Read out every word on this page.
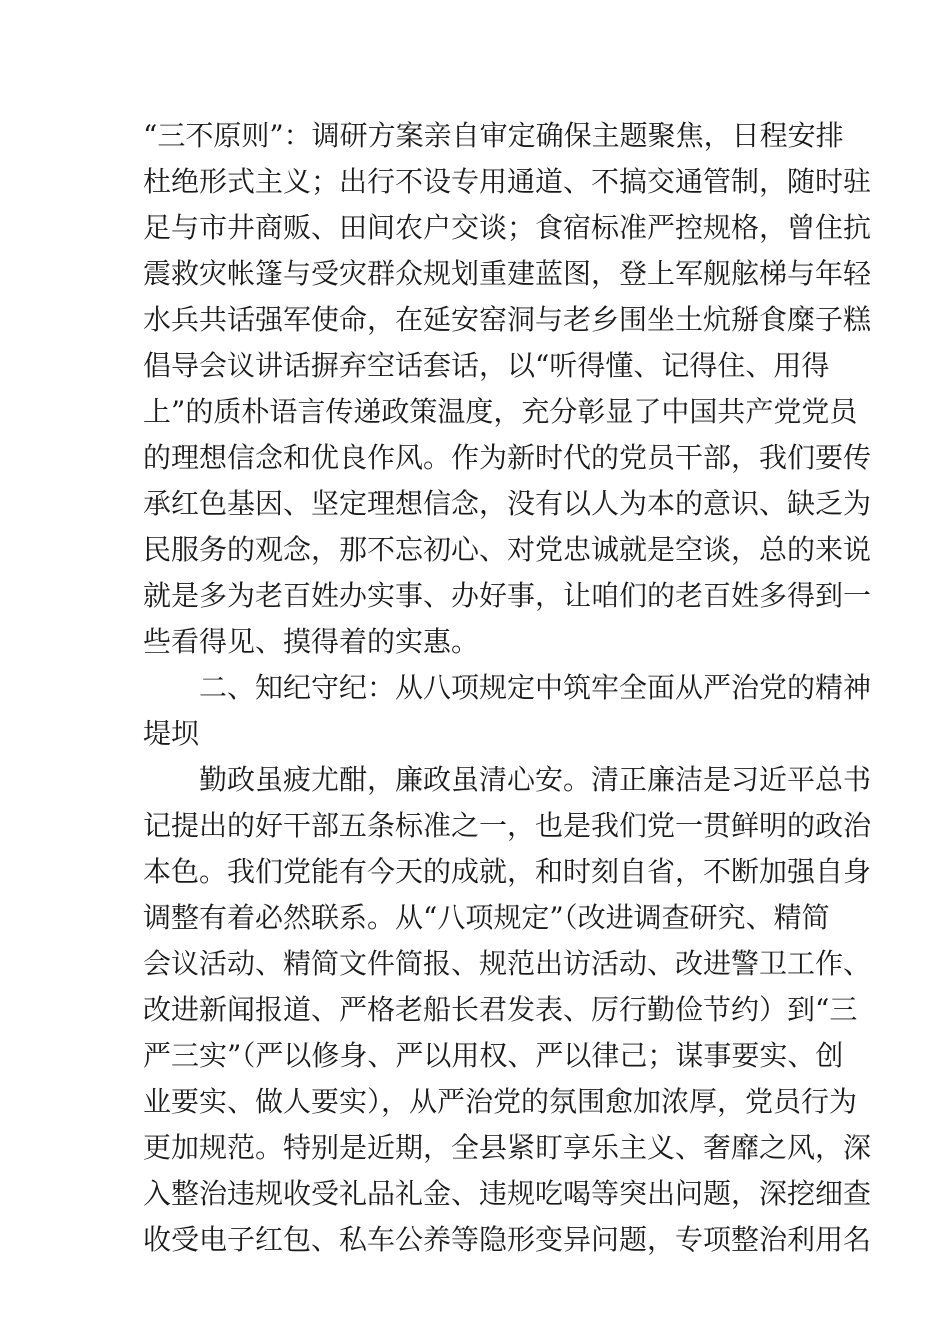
“三不原则”：调研方案亲自审定确保主题聚焦，日程安排
杜绝形式主义；出行不设专用通道、不搞交通管制，随时驻
足与市井商贩、田间农户交谈；食宿标准严控规格，曾住抗
震救灾帐篷与受灾群众规划重建蓝图，登上军舰舷梯与年轻
水兵共话强军使命，在延安窑洞与老乡围坐土炕掰食糜子糕
倡导会议讲话摒弃空话套话，以“听得懂、记得住、用得
上”的质朴语言传递政策温度，充分彰显了中国共产党党员
的理想信念和优良作风。作为新时代的党员干部，我们要传
承红色基因、坚定理想信念，没有以人为本的意识、缺乏为
民服务的观念，那不忘初心、对党忠诚就是空谈，总的来说
就是多为老百姓办实事、办好事，让咱们的老百姓多得到一
些看得见、摸得着的实惠。
二、知纪守纪：从八项规定中筑牢全面从严治党的精神
堤坝
勤政虽疲尤酣，廉政虽清心安。清正廉洁是习近平总书
记提出的好干部五条标准之一，也是我们党一贯鲜明的政治
本色。我们党能有今天的成就，和时刻自省，不断加强自身
调整有着必然联系。从“八项规定”（改进调查研究、精简
会议活动、精简文件简报、规范出访活动、改进警卫工作、
改进新闻报道、严格老船长君发表、厉行勤俭节约）到“三
严三实”（严以修身、严以用权、严以律己；谋事要实、创
业要实、做人要实），从严治党的氛围愈加浓厚，党员行为
更加规范。特别是近期，全县紧盯享乐主义、奢靡之风，深
入整治违规收受礼品礼金、违规吃喝等突出问题，深挖细查
收受电子红包、私车公养等隐形变异问题，专项整治利用名
